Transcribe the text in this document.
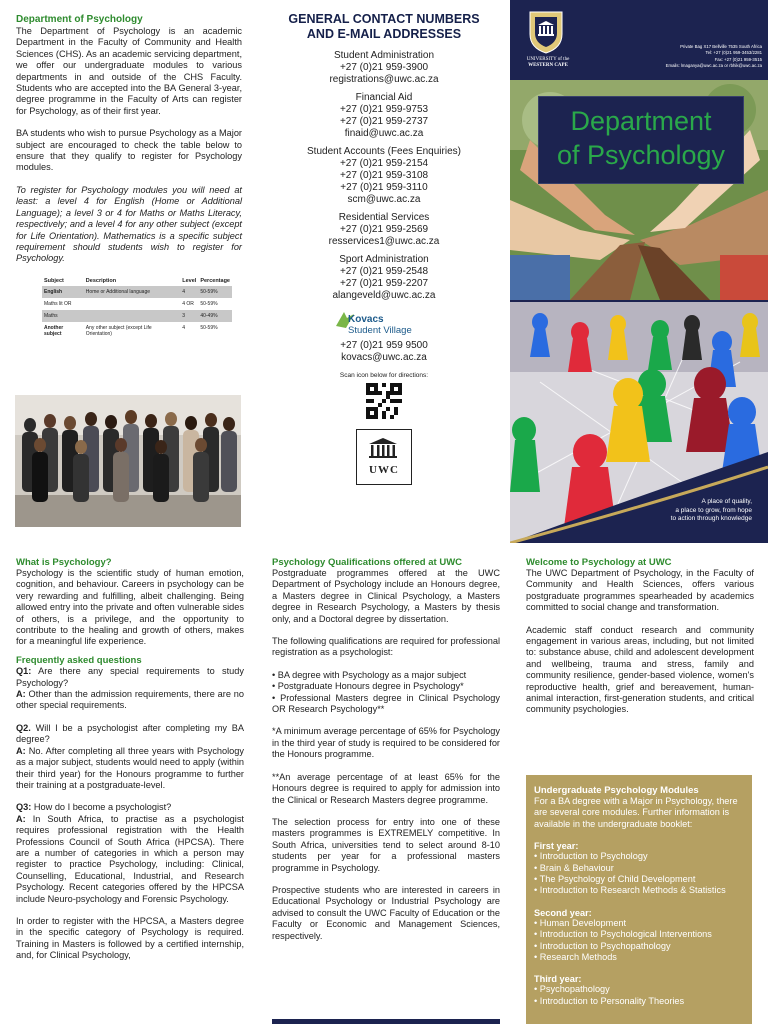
Department of Psychology

The Department of Psychology is an academic Department in the Faculty of Community and Health Sciences (CHS). As an academic servicing department, we offer our undergraduate modules to various departments in and outside of the CHS Faculty. Students who are accepted into the BA General 3-year, degree programme in the Faculty of Arts can register for Psychology, as of their first year.

BA students who wish to pursue Psychology as a Major subject are encouraged to check the table below to ensure that they qualify to register for Psychology modules.

To register for Psychology modules you will need at least: a level 4 for English (Home or Additional Language); a level 3 or 4 for Maths or Maths Literacy, respectively; and a level 4 for any other subject (except for Life Orientation). Mathematics is a specific subject requirement should students wish to register for Psychology.

Subject	Description	Level	Percentage
English	Home or Additional language	4	50-59%
Maths lit OR		4 OR	50-59%
Maths		3	40-49%
Another subject	Any other subject (except Life Orientation)	4	50-59%
GENERAL CONTACT NUMBERS
AND E-MAIL ADDRESSES
Student Administration
+27 (0)21 959-3900
registrations@uwc.ac.za
Financial Aid
+27 (0)21 959-9753
+27 (0)21 959-2737
finaid@uwc.ac.za
Student Accounts (Fees Enquiries)
+27 (0)21 959-2154
+27 (0)21 959-3108
+27 (0)21 959-3110
scm@uwc.ac.za
Residential Services
+27 (0)21 959-2569
resservices1@uwc.ac.za
Sport Administration
+27 (0)21 959-2548
+27 (0)21 959-2207
alangeveld@uwc.ac.za
Kovacs
Student Village
+27 (0)21 959 9500
kovacs@uwc.ac.za
Scan icon below for directions:
UWC
UNIVERSITY of the
WESTERN CAPE
Private Bag X17 Bellville 7535 South Africa
Tel: +27 (0)21 959-3453/2281
Fax: +27 (0)21 959-3515
Emails: lmaganya@uwc.ac.za or rbhik@uwc.ac.za
Department
of Psychology
A place of quality,
a place to grow, from hope
to action through knowledge
What is Psychology?

Psychology is the scientific study of human emotion, cognition, and behaviour. Careers in psychology can be very rewarding and fulfilling, albeit challenging. Being allowed entry into the private and often vulnerable sides of others, is a privilege, and the opportunity to contribute to the healing and growth of others, makes for a meaningful life experience.

Frequently asked questions

Q1: Are there any special requirements to study Psychology?
A: Other than the admission requirements, there are no other special requirements.

Q2. Will I be a psychologist after completing my BA degree?
A: No. After completing all three years with Psychology as a major subject, students would need to apply (within their third year) for the Honours programme to further their training at a postgraduate-level.

Q3: How do I become a psychologist?
A: In South Africa, to practise as a psychologist requires professional registration with the Health Professions Council of South Africa (HPCSA). There are a number of categories in which a person may register to practice Psychology, including: Clinical, Counselling, Educational, Industrial, and Research Psychology. Recent categories offered by the HPCSA include Neuro-psychology and Forensic Psychology.

In order to register with the HPCSA, a Masters degree in the specific category of Psychology is required. Training in Masters is followed by a certified internship, and, for Clinical Psychology,

Psychology Qualifications offered at UWC

Postgraduate programmes offered at the UWC Department of Psychology include an Honours degree, a Masters degree in Clinical Psychology, a Masters degree in Research Psychology, a Masters by thesis only, and a Doctoral degree by dissertation.

The following qualifications are required for professional registration as a psychologist:

• BA degree with Psychology as a major subject
• Postgraduate Honours degree in Psychology*
• Professional Masters degree in Clinical Psychology OR Research Psychology**

*A minimum average percentage of 65% for Psychology in the third year of study is required to be considered for the Honours programme.

**An average percentage of at least 65% for the Honours degree is required to apply for admission into the Clinical or Research Masters degree programme.

The selection process for entry into one of these masters programmes is EXTREMELY competitive. In South Africa, universities tend to select around 8-10 students per year for a professional masters programme in Psychology.

Prospective students who are interested in careers in Educational Psychology or Industrial Psychology are advised to consult the UWC Faculty of Education or the Faculty or Economic and Management Sciences, respectively.

Welcome to Psychology at UWC

The UWC Department of Psychology, in the Faculty of Community and Health Sciences, offers various postgraduate programmes spearheaded by academics committed to social change and transformation.

Academic staff conduct research and community engagement in various areas, including, but not limited to: substance abuse, child and adolescent development and wellbeing, trauma and stress, family and community resilience, gender-based violence, women's reproductive health, grief and bereavement, human-animal interaction, first-generation students, and critical community psychologies.

Undergraduate Psychology Modules
For a BA degree with a Major in Psychology, there are several core modules. Further information is available in the undergraduate booklet:
First year:
• Introduction to Psychology
• Brain & Behaviour
• The Psychology of Child Development
• Introduction to Research Methods & Statistics
Second year:
• Human Development
• Introduction to Psychological Interventions
• Introduction to Psychopathology
• Research Methods
Third year:
• Psychopathology
• Introduction to Personality Theories
